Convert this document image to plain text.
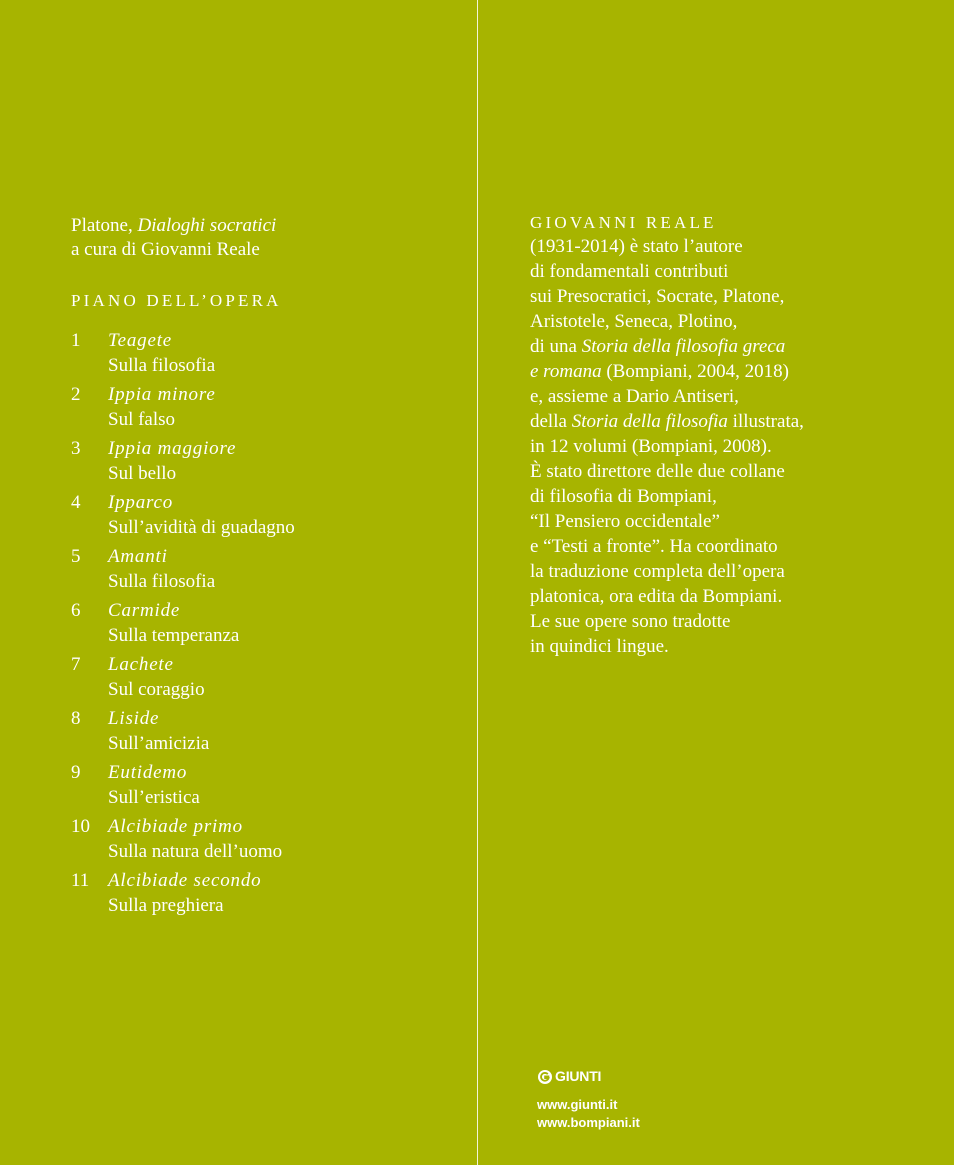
Platone, Dialoghi socratici
a cura di Giovanni Reale
PIANO DELL’OPERA
1	Teagete
Sulla filosofia
2	Ippia minore
Sul falso
3	Ippia maggiore
Sul bello
4	Ipparco
Sull’avidità di guadagno
5	Amanti
Sulla filosofia
6	Carmide
Sulla temperanza
7	Lachete
Sul coraggio
8	Liside
Sull’amicizia
9	Eutidemo
Sull’eristica
10 Alcibiade primo
Sulla natura dell’uomo
11 Alcibiade secondo
Sulla preghiera
GIOVANNI REALE
(1931-2014) è stato l’autore
di fondamentali contributi
sui Presocratici, Socrate, Platone,
Aristotele, Seneca, Plotino,
di una Storia della filosofia greca
e romana (Bompiani, 2004, 2018)
e, assieme a Dario Antiseri,
della Storia della filosofia illustrata,
in 12 volumi (Bompiani, 2008).
È stato direttore delle due collane
di filosofia di Bompiani,
“Il Pensiero occidentale”
e “Testi a fronte”. Ha coordinato
la traduzione completa dell’opera
platonica, ora edita da Bompiani.
Le sue opere sono tradotte
in quindici lingue.
GIUNTI
www.giunti.it
www.bompiani.it
